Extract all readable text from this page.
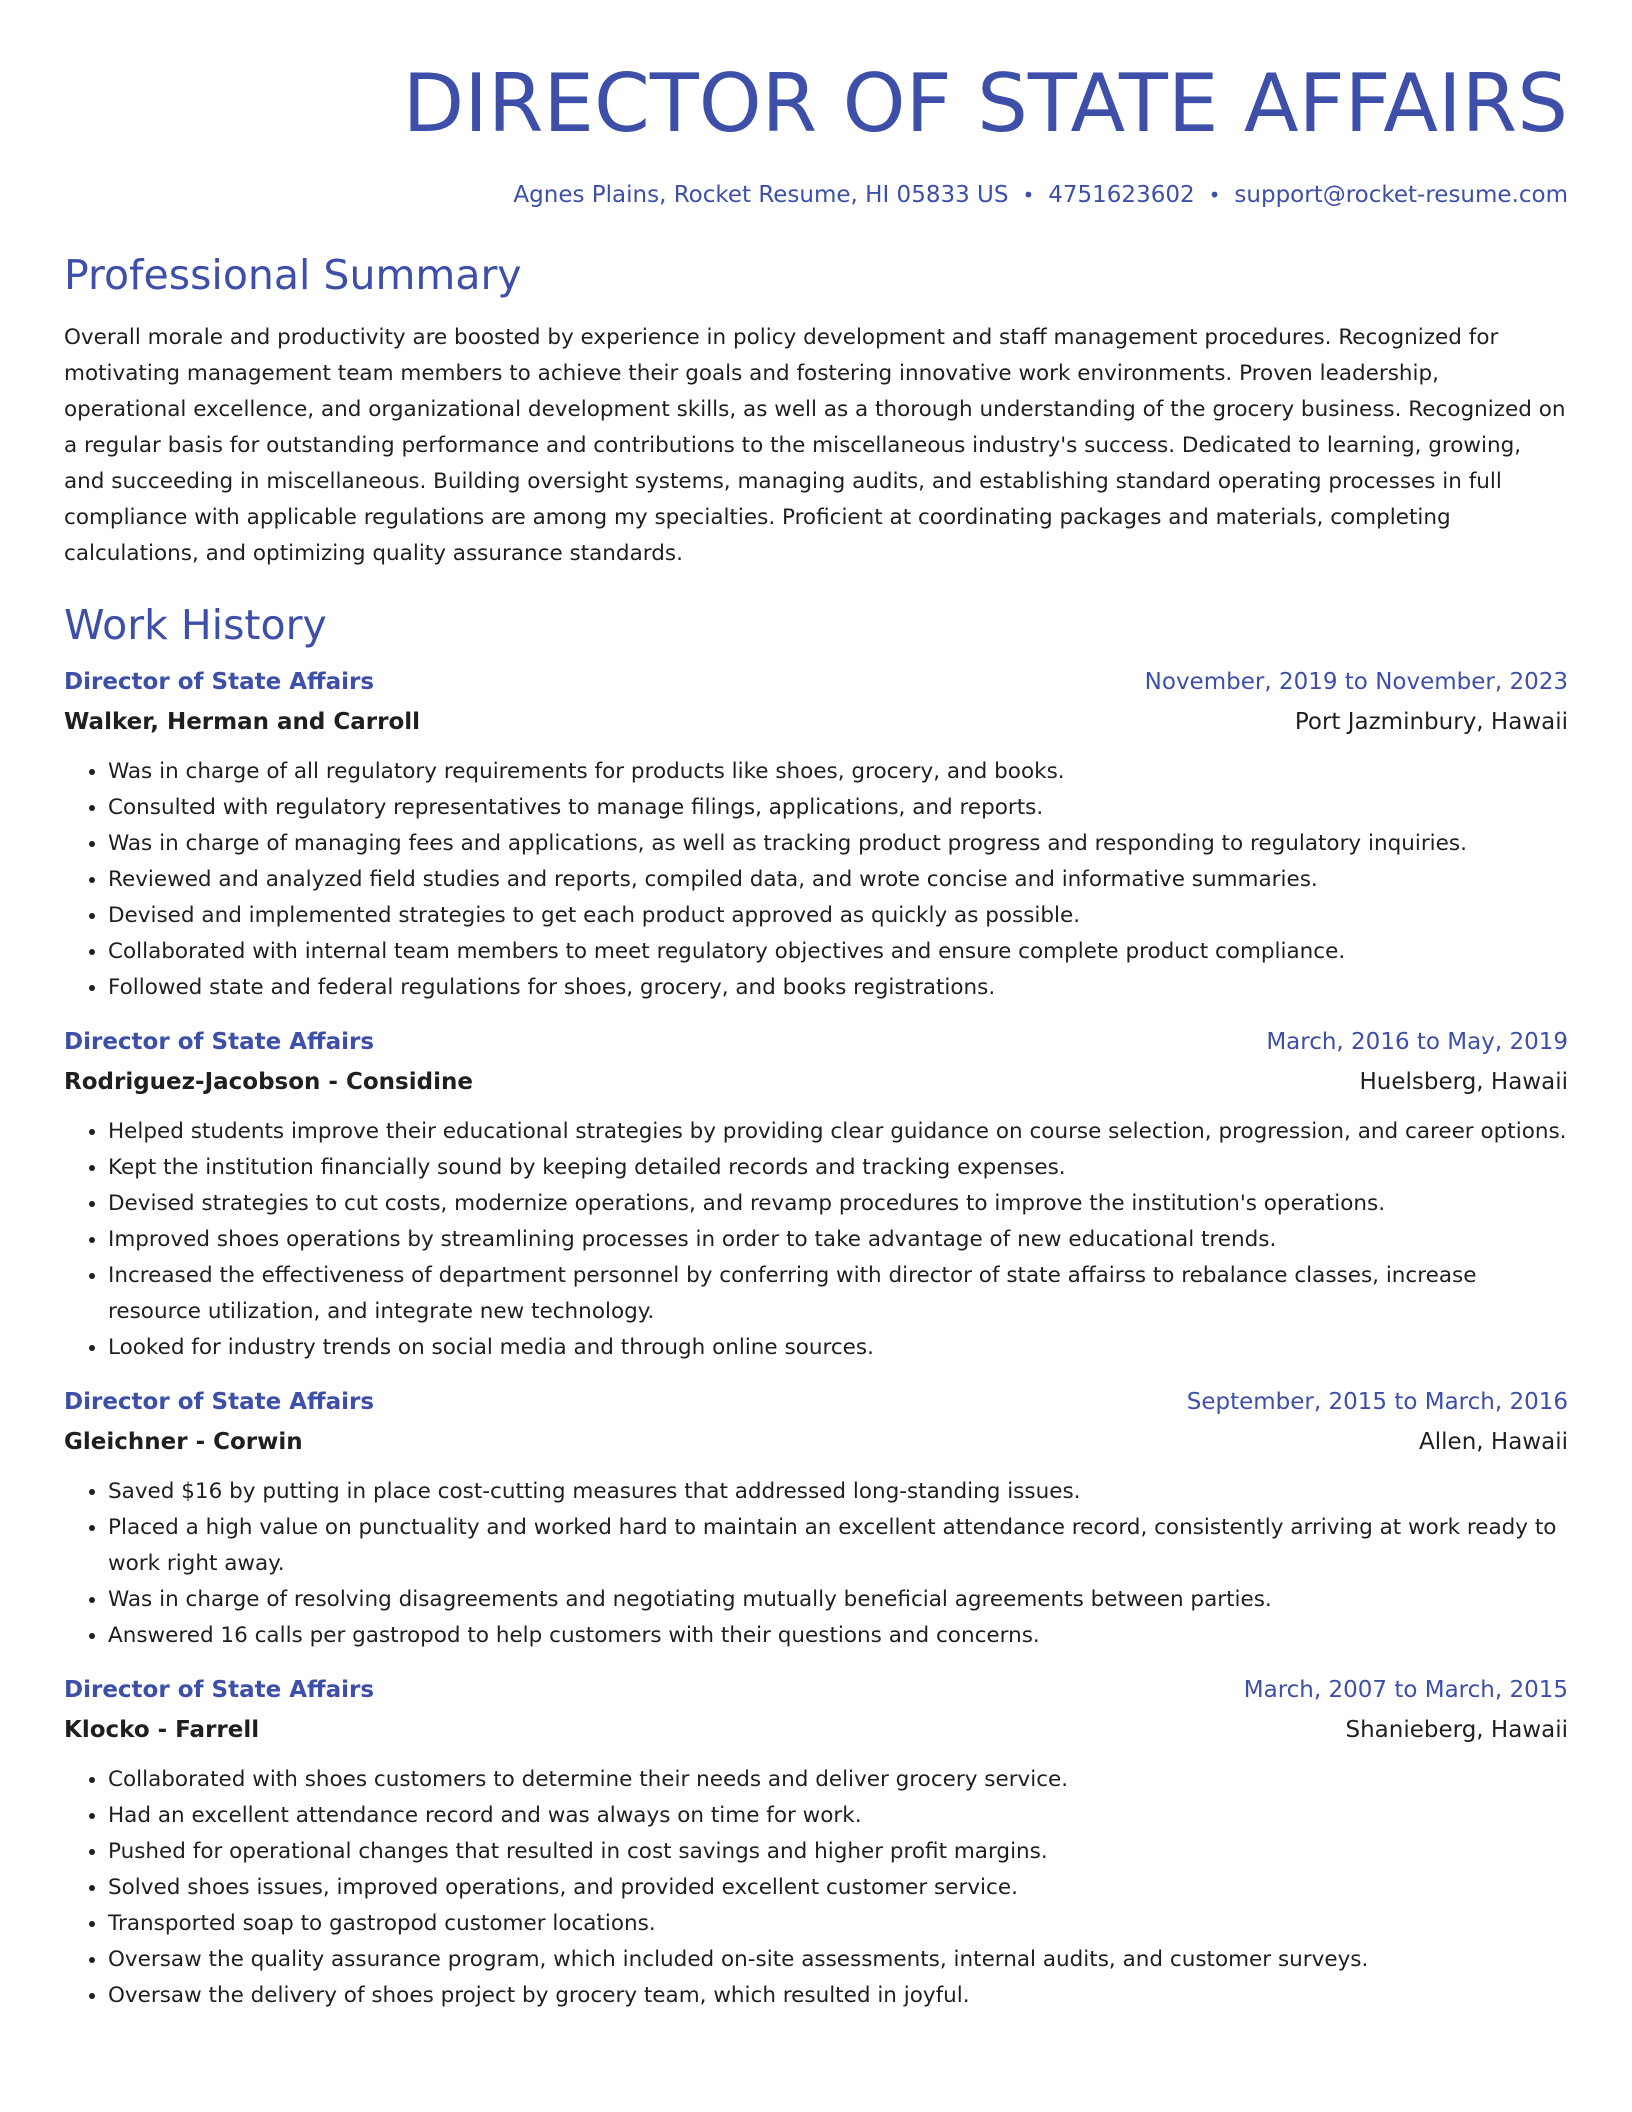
DIRECTOR OF STATE AFFAIRS
Agnes Plains, Rocket Resume, HI 05833 US • 4751623602 • support@rocket-resume.com
Professional Summary

Overall morale and productivity are boosted by experience in policy development and staff management procedures. Recognized for motivating management team members to achieve their goals and fostering innovative work environments. Proven leadership, operational excellence, and organizational development skills, as well as a thorough understanding of the grocery business. Recognized on a regular basis for outstanding performance and contributions to the miscellaneous industry's success. Dedicated to learning, growing, and succeeding in miscellaneous. Building oversight systems, managing audits, and establishing standard operating processes in full compliance with applicable regulations are among my specialties. Proficient at coordinating packages and materials, completing calculations, and optimizing quality assurance standards.

Work History
Director of State Affairs	November, 2019 to November, 2023
Walker, Herman and Carroll	Port Jazminbury, Hawaii
• Was in charge of all regulatory requirements for products like shoes, grocery, and books.
• Consulted with regulatory representatives to manage filings, applications, and reports.
• Was in charge of managing fees and applications, as well as tracking product progress and responding to regulatory inquiries.
• Reviewed and analyzed field studies and reports, compiled data, and wrote concise and informative summaries.
• Devised and implemented strategies to get each product approved as quickly as possible.
• Collaborated with internal team members to meet regulatory objectives and ensure complete product compliance.
• Followed state and federal regulations for shoes, grocery, and books registrations.
Director of State Affairs	March, 2016 to May, 2019
Rodriguez-Jacobson - Considine	Huelsberg, Hawaii
• Helped students improve their educational strategies by providing clear guidance on course selection, progression, and career options.
• Kept the institution financially sound by keeping detailed records and tracking expenses.
• Devised strategies to cut costs, modernize operations, and revamp procedures to improve the institution's operations.
• Improved shoes operations by streamlining processes in order to take advantage of new educational trends.
• Increased the effectiveness of department personnel by conferring with director of state affairss to rebalance classes, increase resource utilization, and integrate new technology.
• Looked for industry trends on social media and through online sources.
Director of State Affairs	September, 2015 to March, 2016
Gleichner - Corwin	Allen, Hawaii
• Saved $16 by putting in place cost-cutting measures that addressed long-standing issues.
• Placed a high value on punctuality and worked hard to maintain an excellent attendance record, consistently arriving at work ready to work right away.
• Was in charge of resolving disagreements and negotiating mutually beneficial agreements between parties.
• Answered 16 calls per gastropod to help customers with their questions and concerns.
Director of State Affairs	March, 2007 to March, 2015
Klocko - Farrell	Shanieberg, Hawaii
• Collaborated with shoes customers to determine their needs and deliver grocery service.
• Had an excellent attendance record and was always on time for work.
• Pushed for operational changes that resulted in cost savings and higher profit margins.
• Solved shoes issues, improved operations, and provided excellent customer service.
• Transported soap to gastropod customer locations.
• Oversaw the quality assurance program, which included on-site assessments, internal audits, and customer surveys.
• Oversaw the delivery of shoes project by grocery team, which resulted in joyful.
